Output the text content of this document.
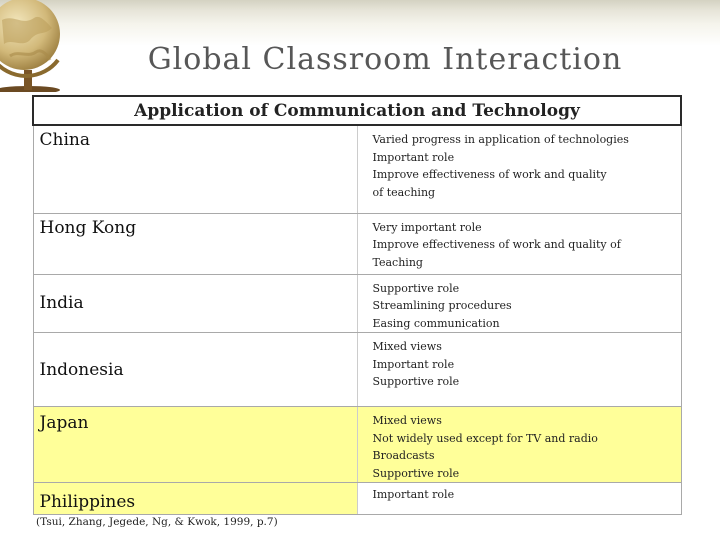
Global Classroom Interaction
Application of Communication and Technology	
China	Varied progress in application of technologies
Important role
Improve effectiveness of work and quality
of teaching

Hong Kong	Very important role
Improve effectiveness of work and quality of
Teaching

India	Supportive role
Streamlining procedures
Easing communication

Indonesia	Mixed views
Important role
Supportive role

Japan	Mixed views
Not widely used except for TV and radio
Broadcasts
Supportive role

Philippines	Important role
(Tsui, Zhang, Jegede, Ng, & Kwok, 1999, p.7)
